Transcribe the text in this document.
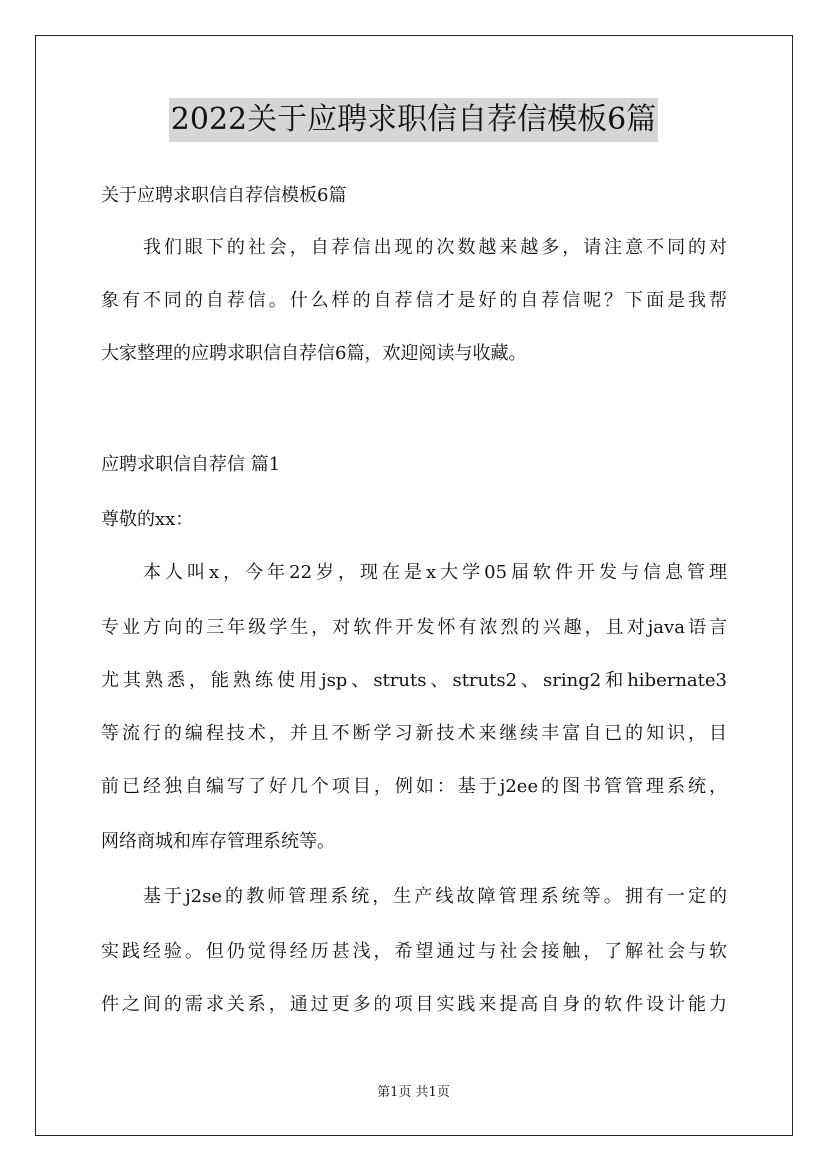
2022关于应聘求职信自荐信模板6篇
关于应聘求职信自荐信模板6篇
我们眼下的社会，自荐信出现的次数越来越多，请注意不同的对
象有不同的自荐信。什么样的自荐信才是好的自荐信呢？下面是我帮
大家整理的应聘求职信自荐信6篇，欢迎阅读与收藏。
应聘求职信自荐信 篇1
尊敬的xx：
本人叫x，今年22岁，现在是x大学05届软件开发与信息管理
专业方向的三年级学生，对软件开发怀有浓烈的兴趣，且对java语言
尤其熟悉，能熟练使用jsp、struts、struts2、sring2和hibernate3
等流行的编程技术，并且不断学习新技术来继续丰富自已的知识，目
前已经独自编写了好几个项目，例如：基于j2ee的图书管管理系统，
网络商城和库存管理系统等。
基于j2se的教师管理系统，生产线故障管理系统等。拥有一定的
实践经验。但仍觉得经历甚浅，希望通过与社会接触，了解社会与软
件之间的需求关系，通过更多的项目实践来提高自身的软件设计能力
第1页 共1页
